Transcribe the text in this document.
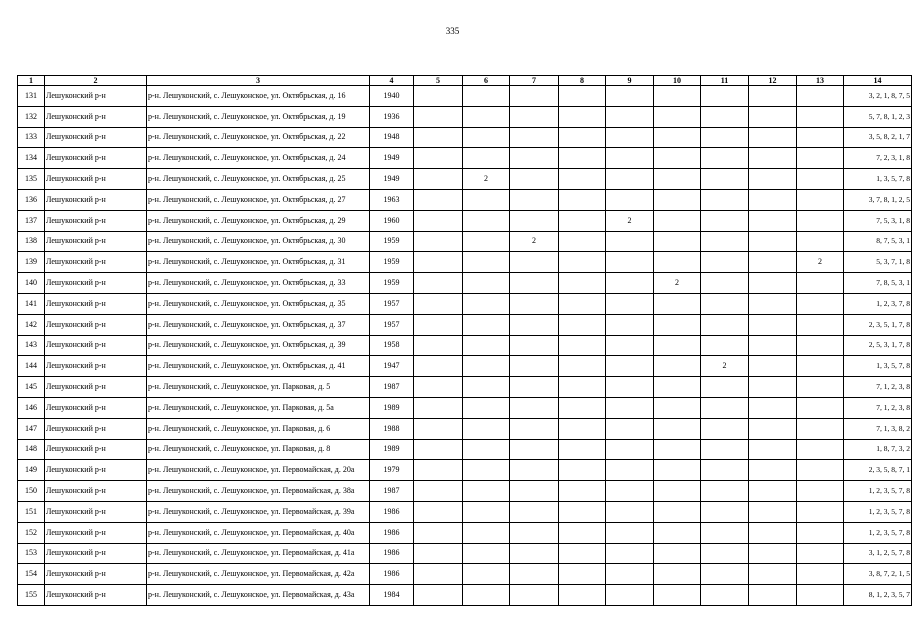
335
1	2	3	4	5	6	7	8	9	10	11	12	13	14
131	Лешуконский р-н	р-н. Лешуконский, с. Лешуконское, ул. Октябрьская, д. 16	1940										3, 2, 1, 8, 7, 5
132	Лешуконский р-н	р-н. Лешуконский, с. Лешуконское, ул. Октябрьская, д. 19	1936										5, 7, 8, 1, 2, 3
133	Лешуконский р-н	р-н. Лешуконский, с. Лешуконское, ул. Октябрьская, д. 22	1948										3, 5, 8, 2, 1, 7
134	Лешуконский р-н	р-н. Лешуконский, с. Лешуконское, ул. Октябрьская, д. 24	1949										7, 2, 3, 1, 8
135	Лешуконский р-н	р-н. Лешуконский, с. Лешуконское, ул. Октябрьская, д. 25	1949		2								1, 3, 5, 7, 8
136	Лешуконский р-н	р-н. Лешуконский, с. Лешуконское, ул. Октябрьская, д. 27	1963										3, 7, 8, 1, 2, 5
137	Лешуконский р-н	р-н. Лешуконский, с. Лешуконское, ул. Октябрьская, д. 29	1960					2					7, 5, 3, 1, 8
138	Лешуконский р-н	р-н. Лешуконский, с. Лешуконское, ул. Октябрьская, д. 30	1959			2							8, 7, 5, 3, 1
139	Лешуконский р-н	р-н. Лешуконский, с. Лешуконское, ул. Октябрьская, д. 31	1959									2	5, 3, 7, 1, 8
140	Лешуконский р-н	р-н. Лешуконский, с. Лешуконское, ул. Октябрьская, д. 33	1959						2				7, 8, 5, 3, 1
141	Лешуконский р-н	р-н. Лешуконский, с. Лешуконское, ул. Октябрьская, д. 35	1957										1, 2, 3, 7, 8
142	Лешуконский р-н	р-н. Лешуконский, с. Лешуконское, ул. Октябрьская, д. 37	1957										2, 3, 5, 1, 7, 8
143	Лешуконский р-н	р-н. Лешуконский, с. Лешуконское, ул. Октябрьская, д. 39	1958										2, 5, 3, 1, 7, 8
144	Лешуконский р-н	р-н. Лешуконский, с. Лешуконское, ул. Октябрьская, д. 41	1947							2			1, 3, 5, 7, 8
145	Лешуконский р-н	р-н. Лешуконский, с. Лешуконское, ул. Парковая, д. 5	1987										7, 1, 2, 3, 8
146	Лешуконский р-н	р-н. Лешуконский, с. Лешуконское, ул. Парковая, д. 5а	1989										7, 1, 2, 3, 8
147	Лешуконский р-н	р-н. Лешуконский, с. Лешуконское, ул. Парковая, д. 6	1988										7, 1, 3, 8, 2
148	Лешуконский р-н	р-н. Лешуконский, с. Лешуконское, ул. Парковая, д. 8	1989										1, 8, 7, 3, 2
149	Лешуконский р-н	р-н. Лешуконский, с. Лешуконское, ул. Первомайская, д. 20а	1979										2, 3, 5, 8, 7, 1
150	Лешуконский р-н	р-н. Лешуконский, с. Лешуконское, ул. Первомайская, д. 38а	1987										1, 2, 3, 5, 7, 8
151	Лешуконский р-н	р-н. Лешуконский, с. Лешуконское, ул. Первомайская, д. 39а	1986										1, 2, 3, 5, 7, 8
152	Лешуконский р-н	р-н. Лешуконский, с. Лешуконское, ул. Первомайская, д. 40а	1986										1, 2, 3, 5, 7, 8
153	Лешуконский р-н	р-н. Лешуконский, с. Лешуконское, ул. Первомайская, д. 41а	1986										3, 1, 2, 5, 7, 8
154	Лешуконский р-н	р-н. Лешуконский, с. Лешуконское, ул. Первомайская, д. 42а	1986										3, 8, 7, 2, 1, 5
155	Лешуконский р-н	р-н. Лешуконский, с. Лешуконское, ул. Первомайская, д. 43а	1984										8, 1, 2, 3, 5, 7
